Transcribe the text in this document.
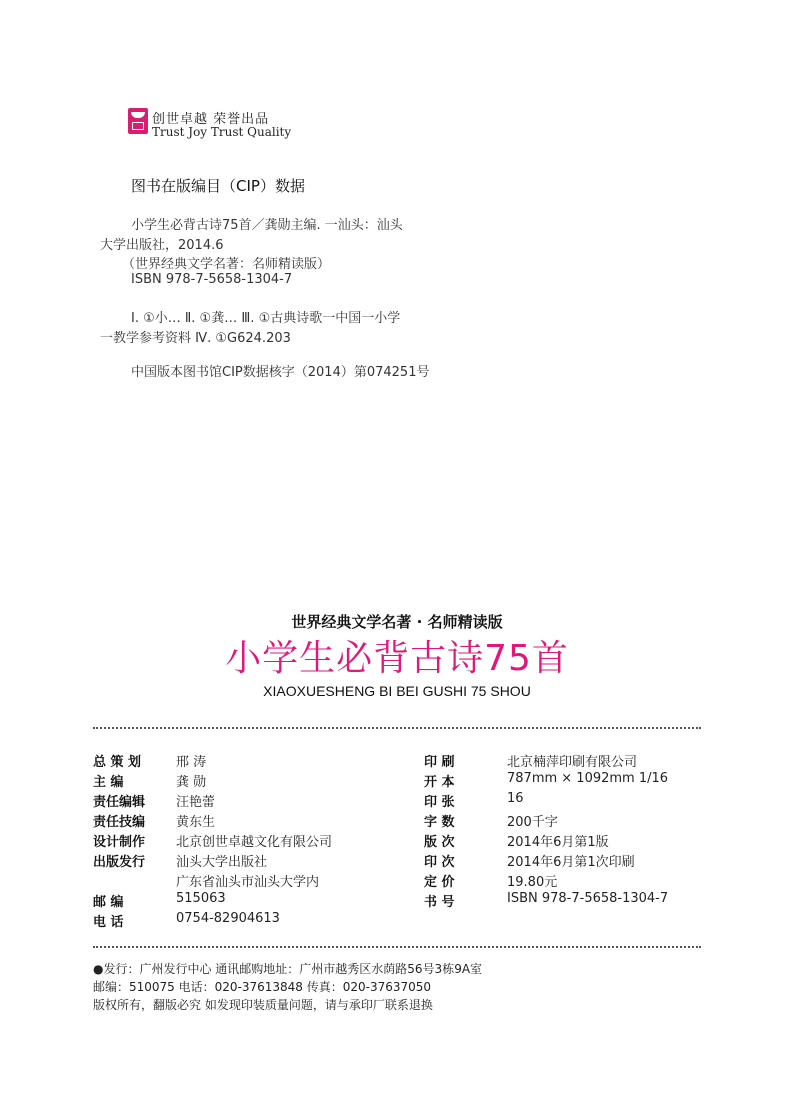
创世卓越 荣誉出品
Trust Joy Trust Quality
图书在版编目（CIP）数据
小学生必背古诗75首／龚勋主编. 一汕头：汕头
大学出版社，2014.6
（世界经典文学名著：名师精读版）
ISBN 978-7-5658-1304-7
Ⅰ. ①小… Ⅱ. ①龚… Ⅲ. ①古典诗歌一中国一小学
一教学参考资料 Ⅳ. ①G624.203
中国版本图书馆CIP数据核字（2014）第074251号
世界经典文学名著 · 名师精读版
小学生必背古诗75首
XIAOXUESHENG BI BEI GUSHI 75 SHOU
总 策 划	邢 涛
主 编	龚 勋
责任编辑 汪艳蕾
责任技编 黄东生
设计制作 北京创世卓越文化有限公司
出版发行 汕头大学出版社
广东省汕头市汕头大学内
邮 编	515063
电 话	0754-82904613
印 刷	北京楠萍印刷有限公司
开 本	787mm × 1092mm 1/16
印 张	16
字 数	200千字
版 次	2014年6月第1版
印 次	2014年6月第1次印刷
定 价	19.80元
书 号	ISBN 978-7-5658-1304-7
●发行：广州发行中心 通讯邮购地址：广州市越秀区水荫路56号3栋9A室
邮编：510075 电话：020-37613848 传真：020-37637050
版权所有，翻版必究 如发现印装质量问题，请与承印厂联系退换
